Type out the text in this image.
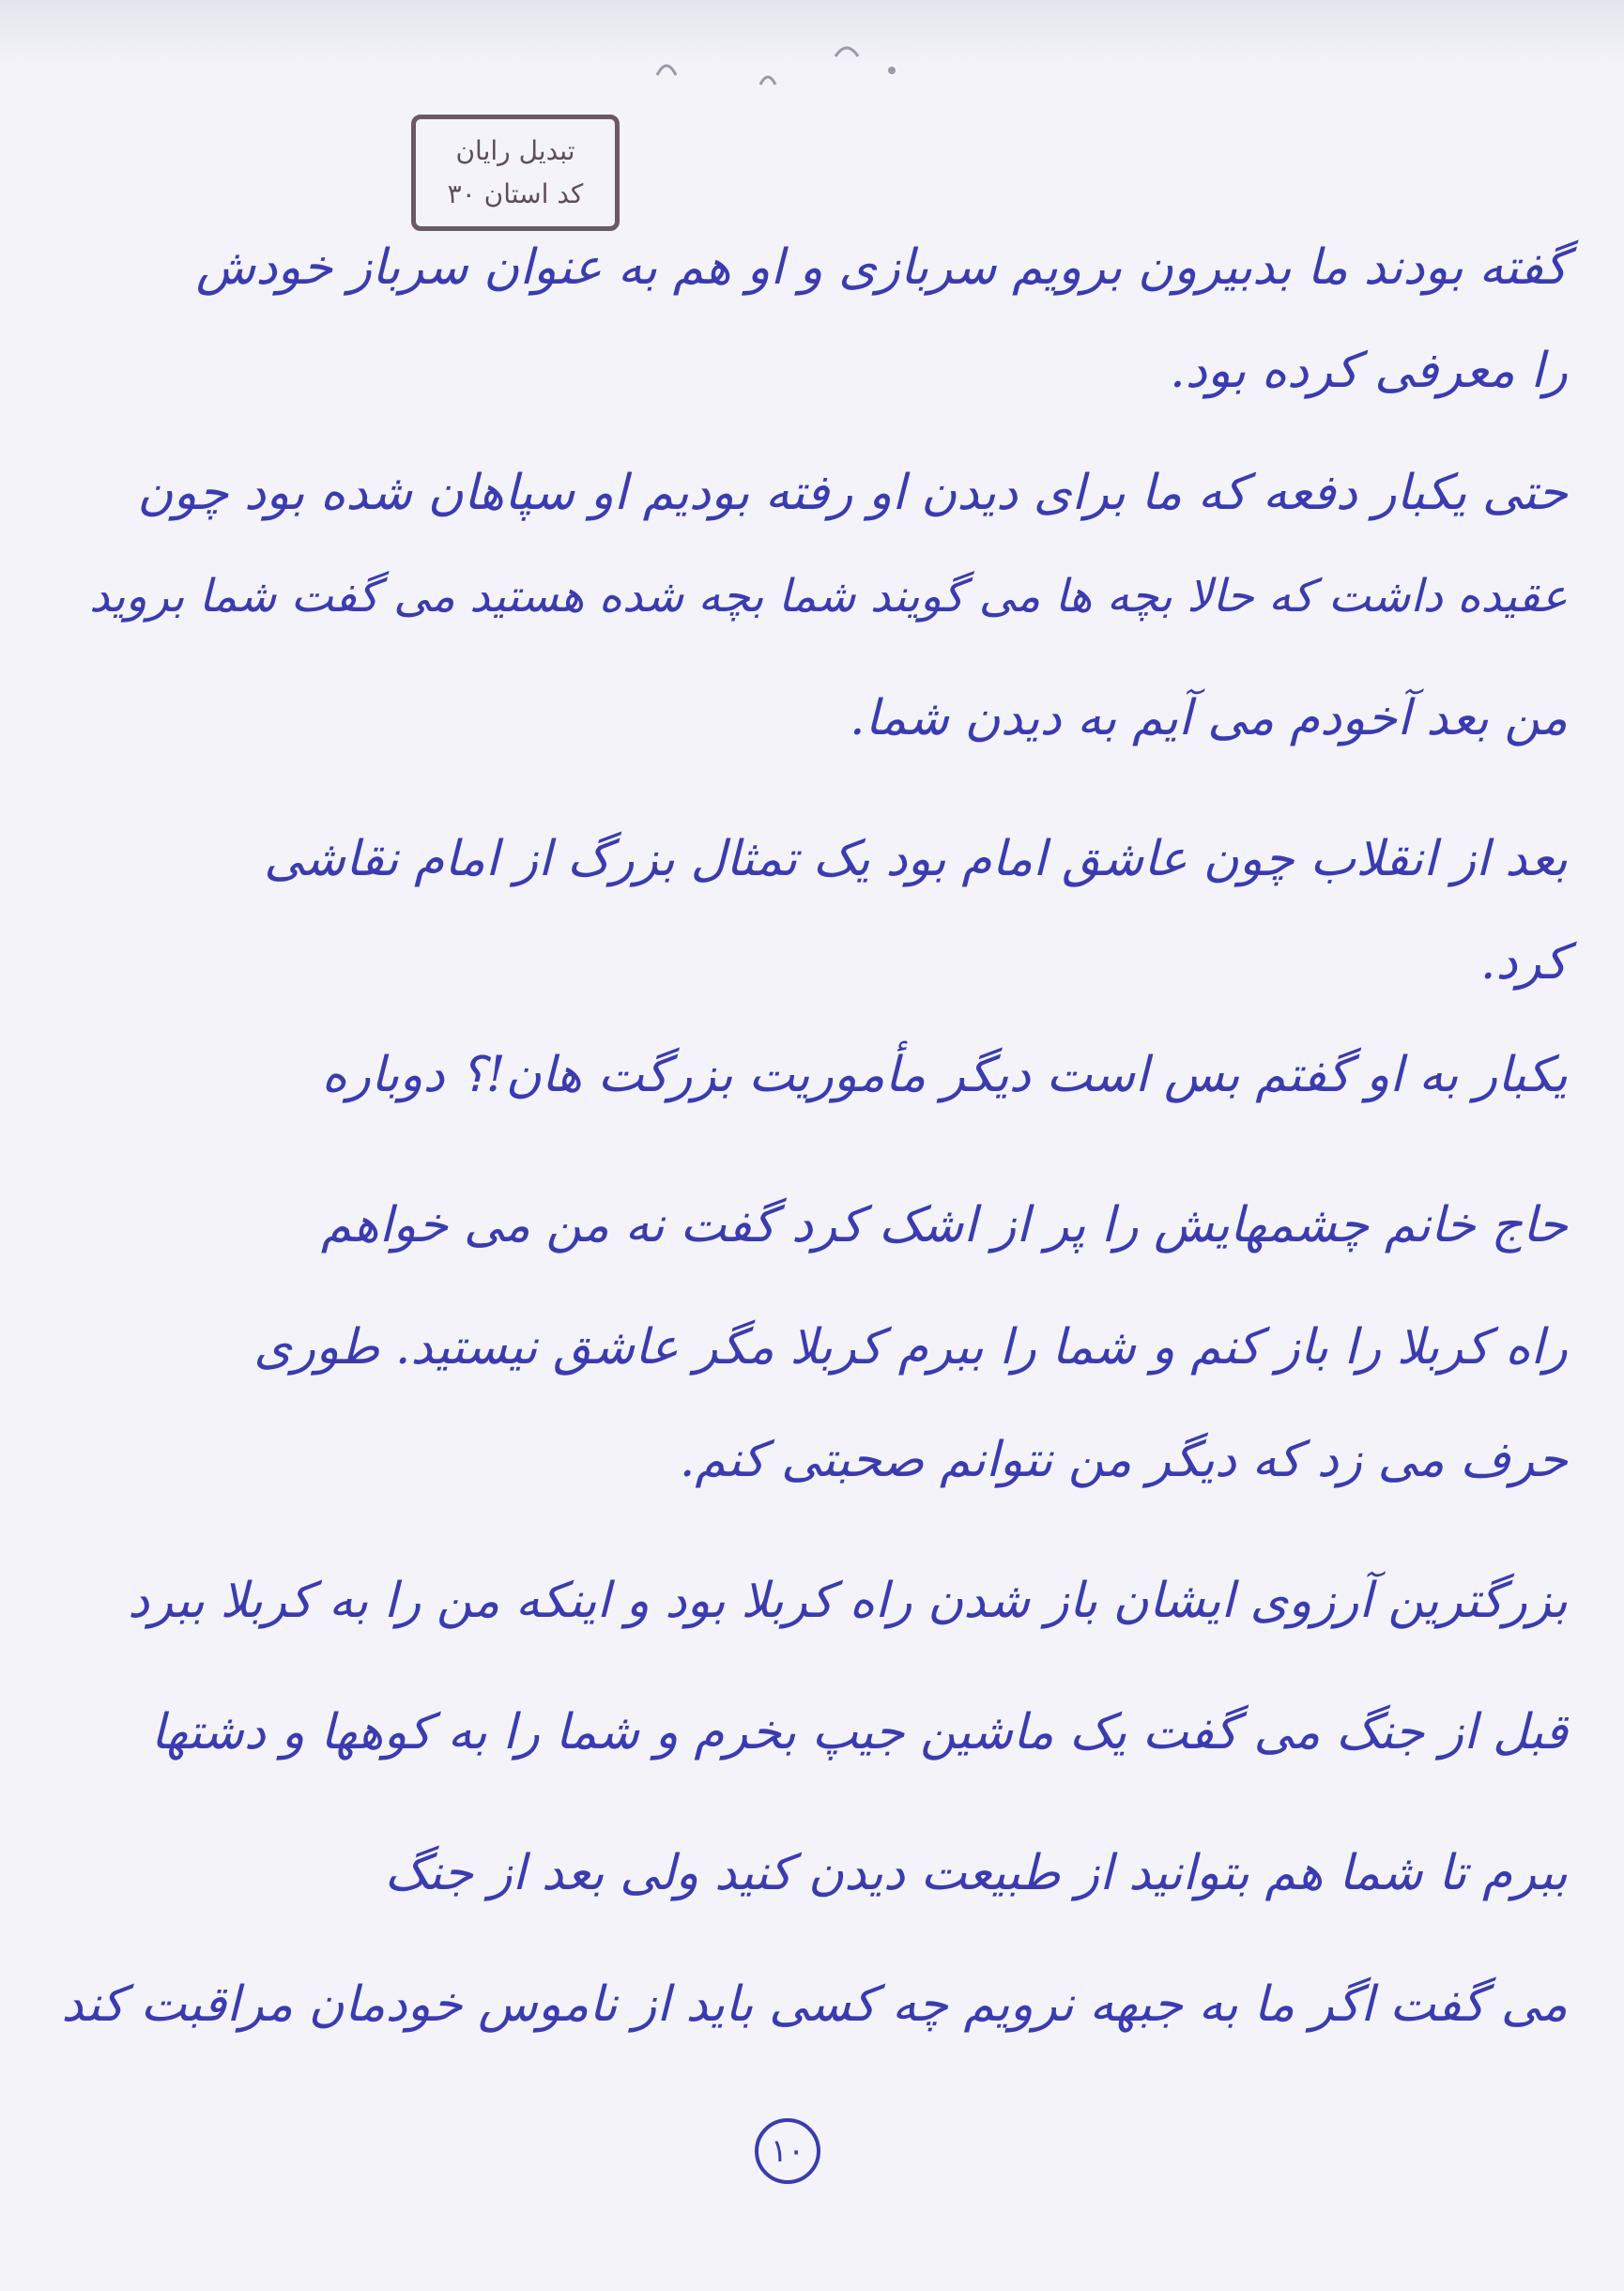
تبدیل رایان
کد استان ۳۰
گفته بودند ما بدبیرون برویم سربازی و او هم به عنوان سرباز خودش
را معرفی کرده بود.
حتی یکبار دفعه که ما برای دیدن او رفته بودیم او سپاهان شده بود چون
عقیده داشت که حالا بچه ها می گویند شما بچه شده هستید می گفت شما بروید
من بعد آخودم می آیم به دیدن شما.
بعد از انقلاب چون عاشق امام بود یک تمثال بزرگ از امام نقاشی
کرد.
یکبار به او گفتم بس است دیگر مأموریت بزرگت هان!؟ دوباره
حاج خانم چشمهایش را پر از اشک کرد گفت نه من می خواهم
راه کربلا را باز کنم و شما را ببرم کربلا مگر عاشق نیستید. طوری
حرف می زد که دیگر من نتوانم صحبتی کنم.
بزرگترین آرزوی ایشان باز شدن راه کربلا بود و اینکه من را به کربلا ببرد
قبل از جنگ می گفت یک ماشین جیپ بخرم و شما را به کوهها و دشتها
ببرم تا شما هم بتوانید از طبیعت دیدن کنید ولی بعد از جنگ
می گفت اگر ما به جبهه نرویم چه کسی باید از ناموس خودمان مراقبت کند
۱۰
